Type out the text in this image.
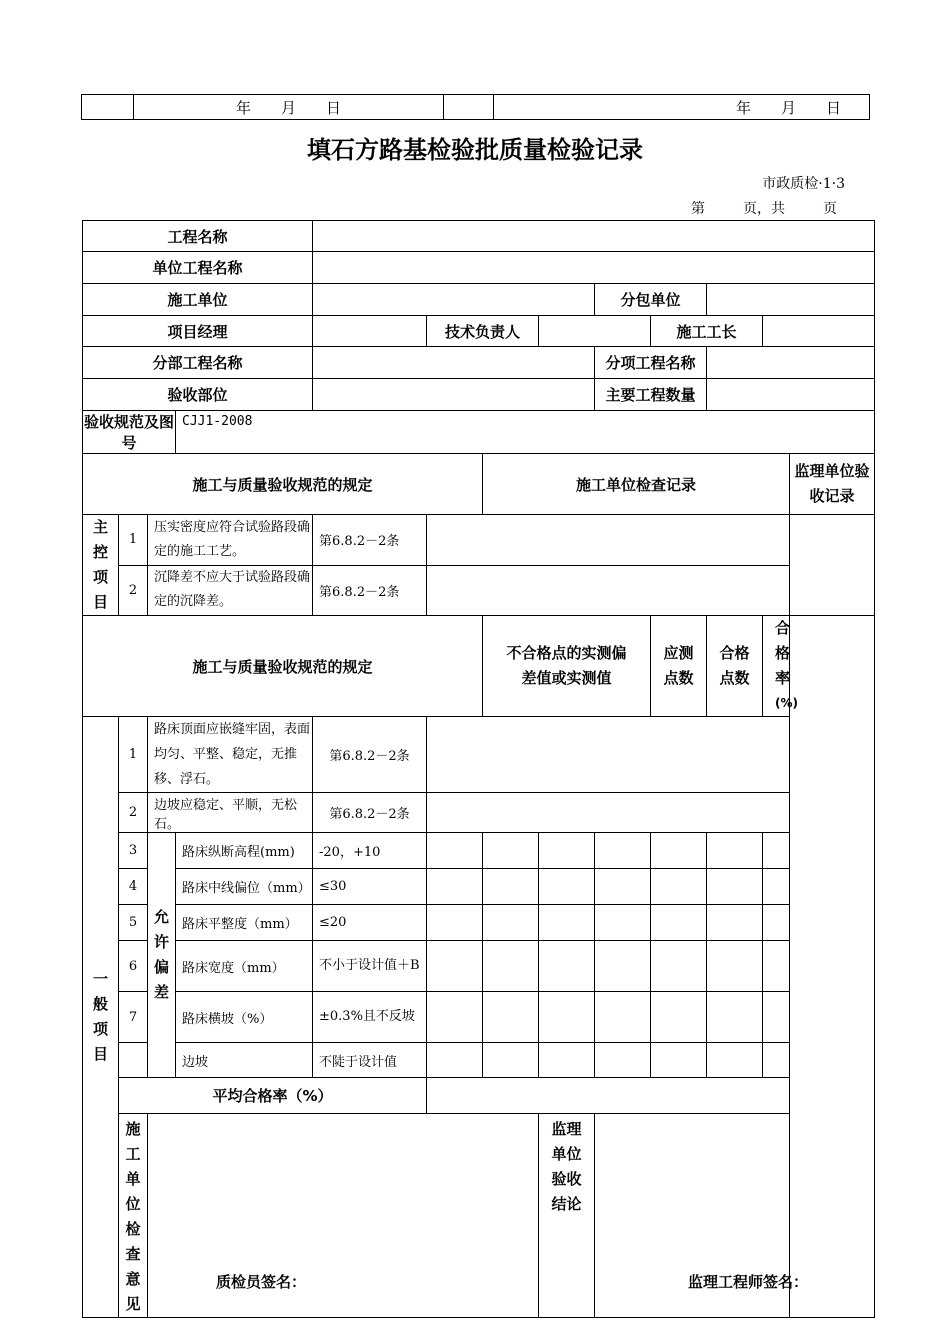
	年　　月　　日		年　　月　　日
填石方路基检验批质量检验记录
市政质检·1·3
第	页，共	页
工程名称												
单位工程名称												
施工单位								分包单位				
项目经理					技术负责人				施工工长			
分部工程名称								分项工程名称				
验收部位								主要工程数量				
验收规范及图号			CJJ1-2008									
施工与质量验收规范的规定						施工单位检查记录						监理单位验收记录
主控项目	1	压实密度应符合试验路段确定的施工工艺。		第6.8.2－2条								
	2	沉降差不应大于试验路段确定的沉降差。		第6.8.2－2条								
施工与质量验收规范的规定						不合格点的实测偏差值或实测值			应测点数	合格点数	合格率
(%)	

一般项目	1	路床顶面应嵌缝牢固，表面均匀、平整、稳定，无推移、浮石。		第6.8.2－2条								
	2	边坡应稳定、平顺，无松石。		第6.8.2－2条								
	3	允许偏差	路床纵断高程(mm)	-20，+10								
	4		路床中线偏位（mm）	≤30								
	5		路床平整度（mm）	≤20								
	6		路床宽度（mm）	不小于设计值＋B								
	7		路床横坡（%）	±0.3%且不反坡								
			边坡	不陡于设计值								
	平均合格率（%）											
	施工单位检查意见	质检员签名：					监理单位验收结论	监理工程师签名：				
